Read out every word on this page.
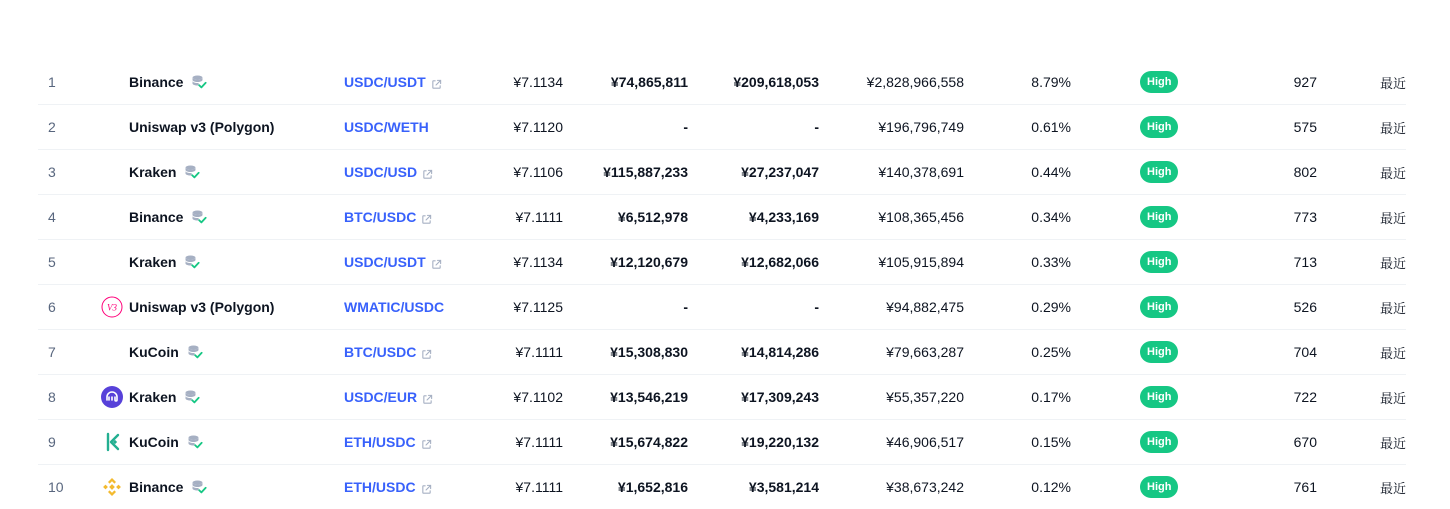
1	Binance	USDC/USDT	¥7.1134	¥74,865,811	¥209,618,053	¥2,828,966,558	8.79%	High	927	最近
2	Uniswap v3 (Polygon)	USDC/WETH	¥7.1120	-	-	¥196,796,749	0.61%	High	575	最近
3	Kraken	USDC/USD	¥7.1106	¥115,887,233	¥27,237,047	¥140,378,691	0.44%	High	802	最近
4	Binance	BTC/USDC	¥7.1111	¥6,512,978	¥4,233,169	¥108,365,456	0.34%	High	773	最近
5	Kraken	USDC/USDT	¥7.1134	¥12,120,679	¥12,682,066	¥105,915,894	0.33%	High	713	最近
6	V3 Uniswap v3 (Polygon)	WMATIC/USDC	¥7.1125	-	-	¥94,882,475	0.29%	High	526	最近
7	KuCoin	BTC/USDC	¥7.1111	¥15,308,830	¥14,814,286	¥79,663,287	0.25%	High	704	最近
8	Kraken	USDC/EUR	¥7.1102	¥13,546,219	¥17,309,243	¥55,357,220	0.17%	High	722	最近
9	KuCoin	ETH/USDC	¥7.1111	¥15,674,822	¥19,220,132	¥46,906,517	0.15%	High	670	最近
10	Binance	ETH/USDC	¥7.1111	¥1,652,816	¥3,581,214	¥38,673,242	0.12%	High	761	最近
